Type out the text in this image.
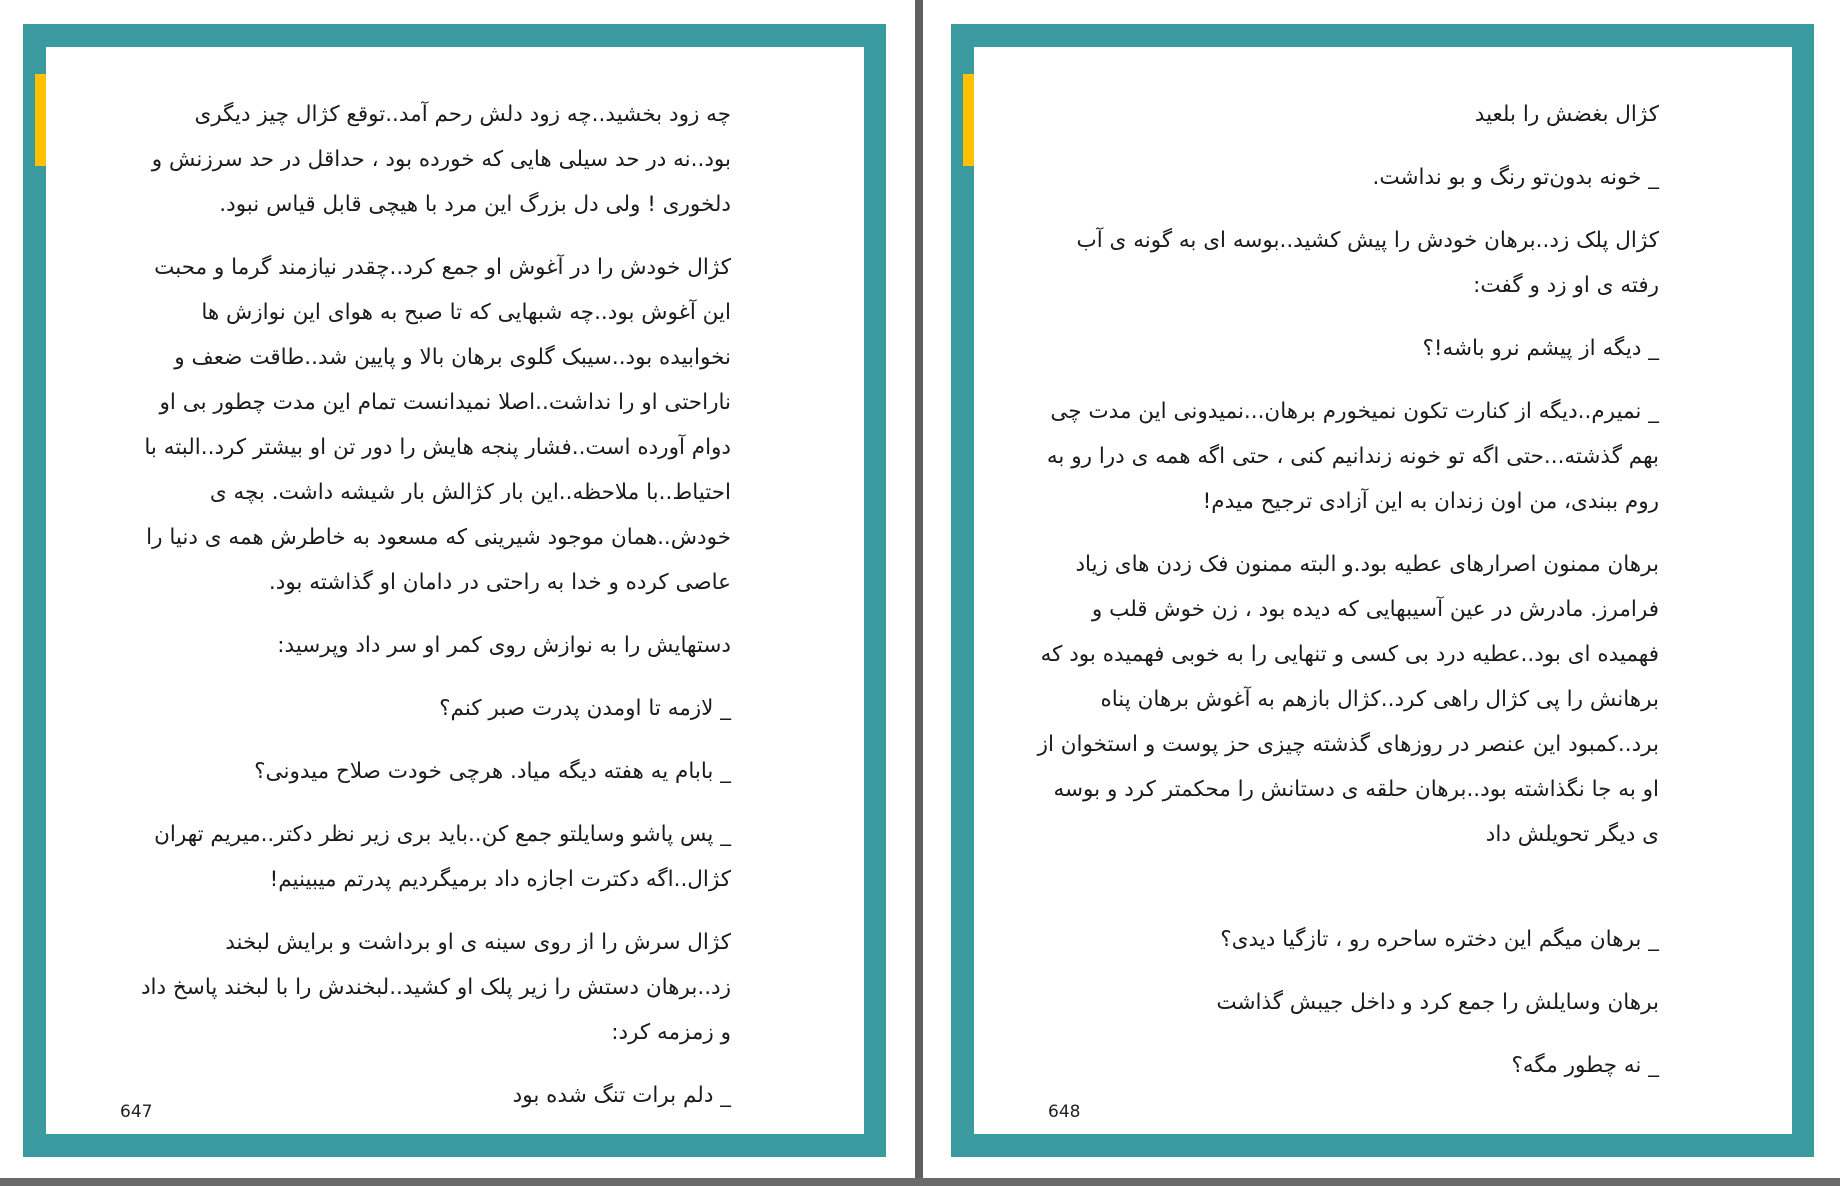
چه زود بخشید..چه زود دلش رحم آمد..توقع کژال چیز دیگری بود..نه در حد سیلی هایی که خورده بود ، حداقل در حد سرزنش و دلخوری ! ولی دل بزرگ این مرد با هیچی قابل قیاس نبود.

کژال خودش را در آغوش او جمع کرد..چقدر نیازمند گرما و محبت این آغوش بود..چه شبهایی که تا صبح به هوای این نوازش ها نخوابیده بود..سیبک گلوی برهان بالا و پایین شد..طاقت ضعف و ناراحتی او را نداشت..اصلا نمیدانست تمام این مدت چطور بی او دوام آورده است..فشار پنجه هایش را دور تن او بیشتر کرد..البته با احتیاط..با ملاحظه..این بار کژالش بار شیشه داشت. بچه ی خودش..همان موجود شیرینی که مسعود به خاطرش همه ی دنیا را عاصی کرده و خدا به راحتی در دامان او گذاشته بود.

دستهایش را به نوازش روی کمر او سر داد وپرسید:

_ لازمه تا اومدن پدرت صبر کنم؟

_ بابام یه هفته دیگه میاد. هرچی خودت صلاح میدونی؟

_ پس پاشو وسایلتو جمع کن..باید بری زیر نظر دکتر..میریم تهران کژال..اگه دکترت اجازه داد برمیگردیم پدرتم میبینیم!

کژال سرش را از روی سینه ی او برداشت و برایش لبخند زد..برهان دستش را زیر پلک او کشید..لبخندش را با لبخند پاسخ داد و زمزمه کرد:

_ دلم برات تنگ شده بود

647

کژال بغضش را بلعید

_ خونه بدون‌تو رنگ و بو نداشت.

کژال پلک زد..برهان خودش را پیش کشید..بوسه ای به گونه ی آب رفته ی او زد و گفت:

_ دیگه از پیشم نرو باشه!؟

_ نمیرم..دیگه از کنارت تکون نمیخورم برهان...نمیدونی این مدت چی بهم گذشته...حتی اگه تو خونه زندانیم کنی ، حتی اگه همه ی درا رو به روم ببندی، من اون زندان به این آزادی ترجیح میدم!

برهان ممنون اصرارهای عطیه بود.و البته ممنون فک زدن های زیاد فرامرز. مادرش در عین آسیبهایی که دیده بود ، زن خوش قلب و فهمیده ای بود..عطیه درد بی کسی و تنهایی را به خوبی فهمیده بود که برهانش را پی کژال راهی کرد..کژال بازهم به آغوش برهان پناه برد..کمبود این عنصر در روزهای گذشته چیزی حز پوست و استخوان از او به جا نگذاشته بود..برهان حلقه ی دستانش را محکمتر کرد و بوسه ی دیگر تحویلش داد

_ برهان میگم این دختره ساحره رو ، تازگیا دیدی؟

برهان وسایلش را جمع کرد و داخل جیبش گذاشت

_ نه چطور مگه؟

648
